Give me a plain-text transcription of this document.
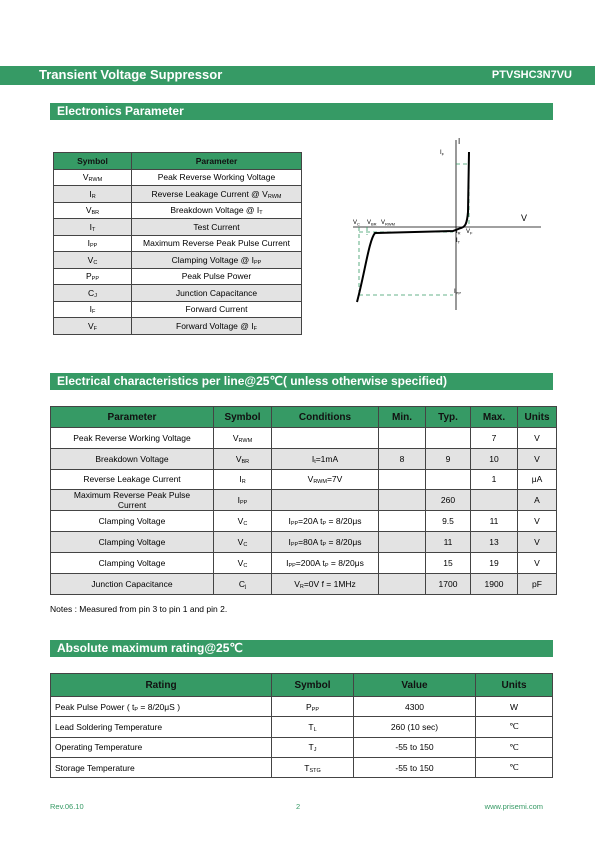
Transient Voltage Suppressor	PTVSHC3N7VU
Electronics Parameter
Symbol	Parameter
$V_{RWM}$	Peak Reverse Working Voltage
$I_R$	Reverse Leakage Current @ $V_{RWM}$
$V_{BR}$	Breakdown Voltage @ $I_T$
$I_T$	Test Current
$I_{PP}$	Maximum Reverse Peak Pulse Current
$V_C$	Clamping Voltage @ $I_{PP}$
$P_{PP}$	Peak Pulse Power
$C_J$	Junction Capacitance
$I_F$	Forward Current
$V_F$	Forward Voltage @ $I_F$
I
V
$I_F$
$V_C$ $V_{BR}$ $V_{RWM}$
$I_R$ $V_F$
$I_T$
$I_{PP}$
Electrical characteristics per line@25℃( unless otherwise specified)
Parameter	Symbol	Conditions	Min.	Typ.	Max.	Units
Peak Reverse Working Voltage	$V_{RWM}$				7	V
Breakdown Voltage	$V_{BR}$	$I_t=1mA$	8	9	10	V
Reverse Leakage Current	$I_R$	$V_{RWM}=7V$			1	μA
Maximum Reverse Peak Pulse Current	$I_{PP}$			260		A
Clamping Voltage	$V_C$	$I_{PP}=20A$ $t_P = 8/20\mu s$		9.5	11	V
Clamping Voltage	$V_C$	$I_{PP}=80A$ $t_P = 8/20\mu s$		11	13	V
Clamping Voltage	$V_C$	$I_{PP}=200A$ $t_P = 8/20\mu s$		15	19	V
Junction Capacitance	$C_j$	$V_R=0V$ f = 1MHz		1700	1900	pF
Notes : Measured from pin 3 to pin 1 and pin 2.
Absolute maximum rating@25℃
Rating	Symbol	Value	Units
Peak Pulse Power ( $t_P = 8/20\mu S$ )	$P_{PP}$	4300	W
Lead Soldering Temperature	$T_L$	260 (10 sec)	℃
Operating Temperature	$T_J$	-55 to 150	℃
Storage Temperature	$T_{STG}$	-55 to 150	℃
Rev.06.10	2	www.prisemi.com
